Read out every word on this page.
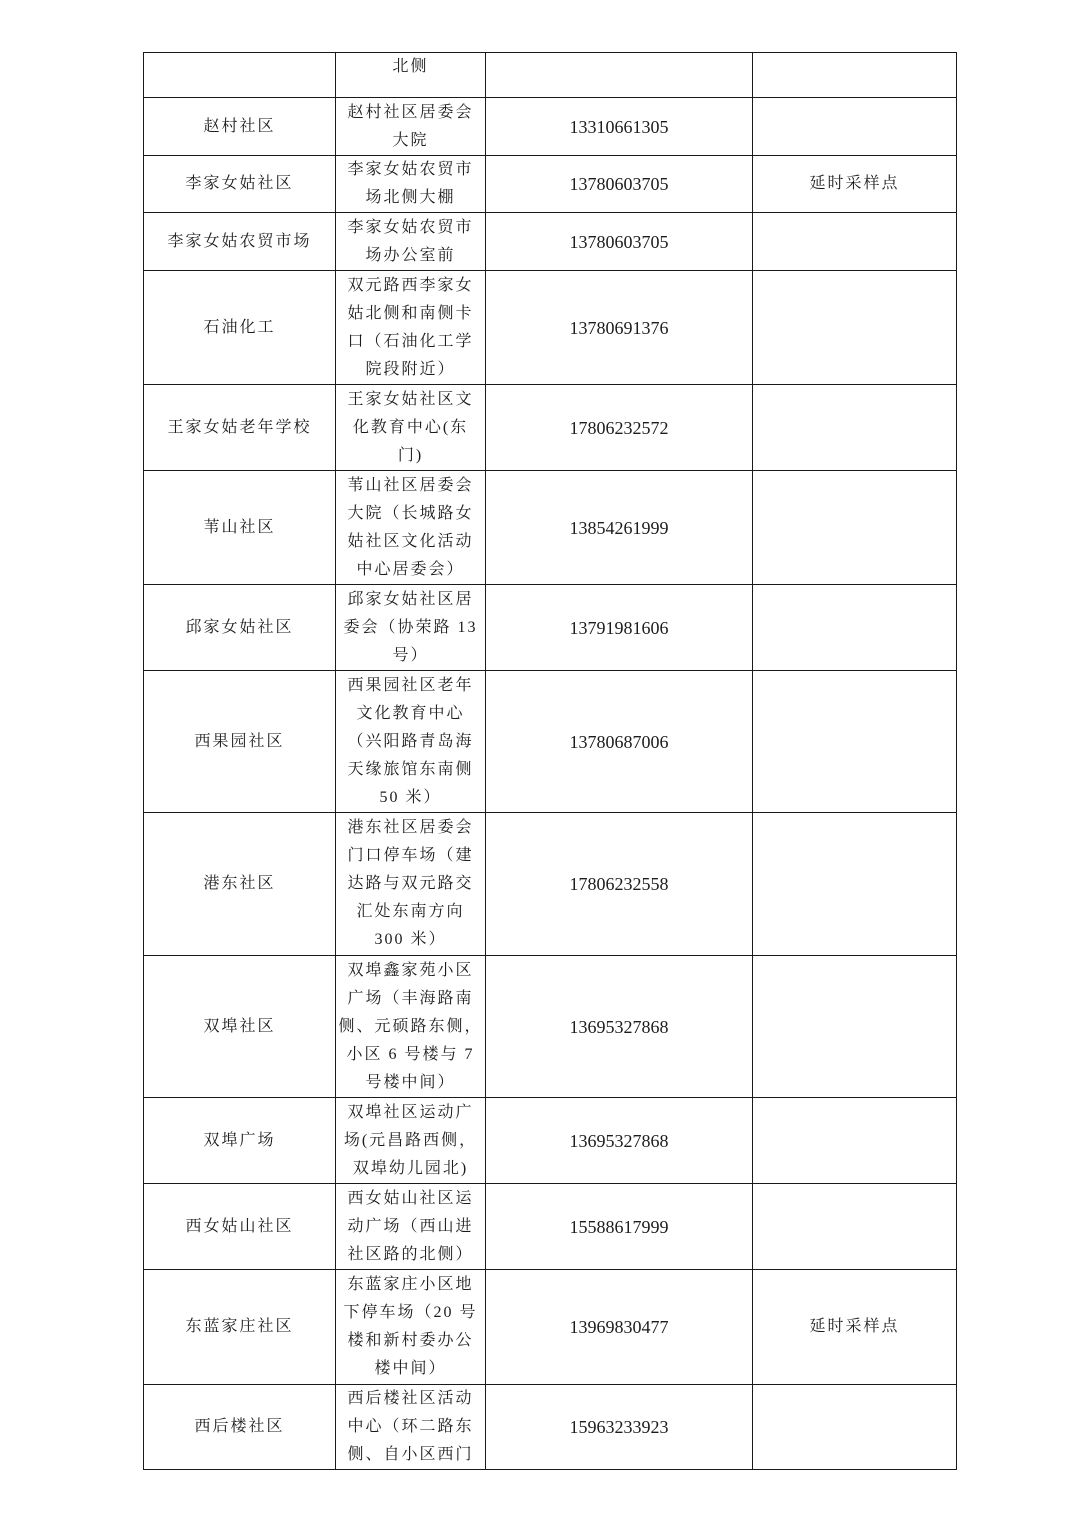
	北侧		
赵村社区	赵村社区居委会
大院	13310661305	
李家女姑社区	李家女姑农贸市
场北侧大棚	13780603705	延时采样点
李家女姑农贸市场	李家女姑农贸市
场办公室前	13780603705	
石油化工	双元路西李家女
姑北侧和南侧卡
口（石油化工学
院段附近）	13780691376	
王家女姑老年学校	王家女姑社区文
化教育中心(东
门)	17806232572	
苇山社区	苇山社区居委会
大院（长城路女
姑社区文化活动
中心居委会）	13854261999	
邱家女姑社区	邱家女姑社区居
委会（协荣路 13
号）	13791981606	
西果园社区	西果园社区老年
文化教育中心
（兴阳路青岛海
天缘旅馆东南侧
50 米）	13780687006	
港东社区	港东社区居委会
门口停车场（建
达路与双元路交
汇处东南方向
300 米）	17806232558	
双埠社区	双埠鑫家苑小区
广场（丰海路南
侧、元硕路东侧，
小区 6 号楼与 7
号楼中间）	13695327868	
双埠广场	双埠社区运动广
场(元昌路西侧，
双埠幼儿园北)	13695327868	
西女姑山社区	西女姑山社区运
动广场（西山进
社区路的北侧）	15588617999	
东蓝家庄社区	东蓝家庄小区地
下停车场（20 号
楼和新村委办公
楼中间）	13969830477	延时采样点
西后楼社区	西后楼社区活动
中心（环二路东
侧、自小区西门	15963233923	
